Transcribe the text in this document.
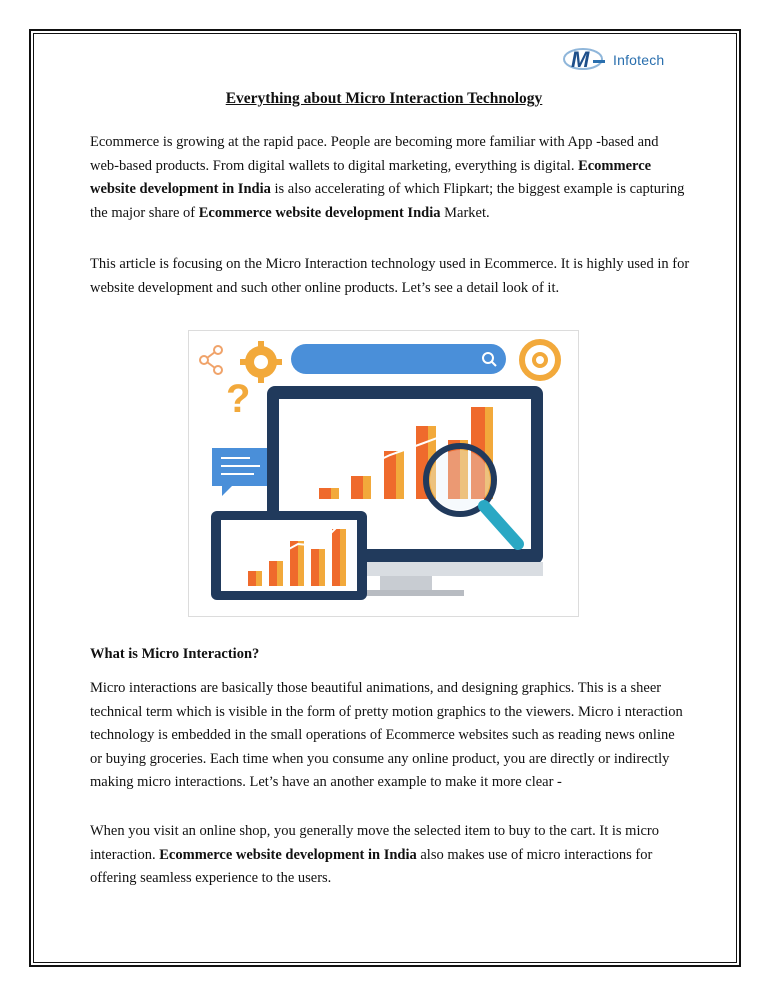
M Infotech
Everything about Micro Interaction Technology

Ecommerce is growing at the rapid pace. People are becoming more familiar with App -based and web-based products. From digital wallets to digital marketing, everything is digital. Ecommerce website development in India is also accelerating of which Flipkart; the biggest example is capturing the major share of Ecommerce website development India Market.

This article is focusing on the Micro Interaction technology used in Ecommerce. It is highly used in for website development and such other online products. Let’s see a detail look of it.

?

What is Micro Interaction?

Micro interactions are basically those beautiful animations, and designing graphics. This is a sheer technical term which is visible in the form of pretty motion graphics to the viewers. Micro i nteraction technology is embedded in the small operations of Ecommerce websites such as reading news online or buying groceries. Each time when you consume any online product, you are directly or indirectly making micro interactions. Let’s have an another example to make it more clear -

When you visit an online shop, you generally move the selected item to buy to the cart. It is micro interaction. Ecommerce website development in India also makes use of micro interactions for offering seamless experience to the users.
